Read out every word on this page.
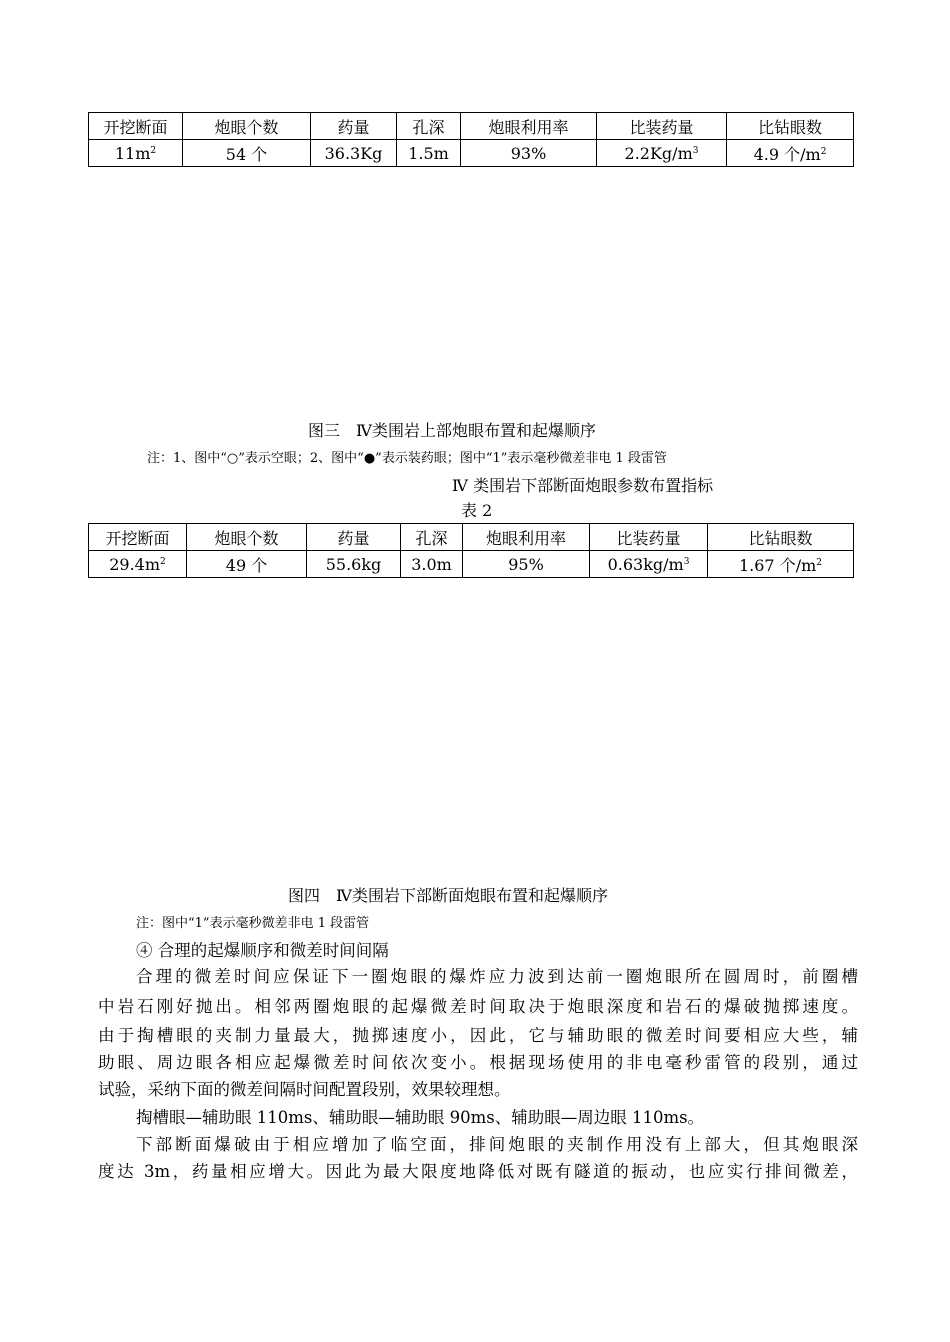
开挖断面	炮眼个数	药量	孔深	炮眼利用率	比装药量	比钻眼数
$11m^2$	54 个	36.3Kg	1.5m	93%	$2.2Kg/m^3$	4.9 个$/m^2$
图三　Ⅳ类围岩上部炮眼布置和起爆顺序
注：1、图中“○”表示空眼；2、图中“●”表示装药眼；图中“1”表示毫秒微差非电 1 段雷管
Ⅳ 类围岩下部断面炮眼参数布置指标
表 2
开挖断面	炮眼个数	药量	孔深	炮眼利用率	比装药量	比钻眼数
$29.4m^2$	49 个	55.6kg	3.0m	95%	$0.63kg/m^3$	1.67 个$/m^2$
图四　Ⅳ类围岩下部断面炮眼布置和起爆顺序
注：图中“1”表示毫秒微差非电 1 段雷管
④ 合理的起爆顺序和微差时间间隔
合理的微差时间应保证下一圈炮眼的爆炸应力波到达前一圈炮眼所在圆周时，前圈槽
中岩石刚好抛出。相邻两圈炮眼的起爆微差时间取决于炮眼深度和岩石的爆破抛掷速度。
由于掏槽眼的夹制力量最大，抛掷速度小，因此，它与辅助眼的微差时间要相应大些，辅
助眼、周边眼各相应起爆微差时间依次变小。根据现场使用的非电毫秒雷管的段别，通过
试验，采纳下面的微差间隔时间配置段别，效果较理想。
掏槽眼—辅助眼 110ms、辅助眼—辅助眼 90ms、辅助眼—周边眼 110ms。
下部断面爆破由于相应增加了临空面，排间炮眼的夹制作用没有上部大，但其炮眼深
度达 3m，药量相应增大。因此为最大限度地降低对既有隧道的振动，也应实行排间微差，
